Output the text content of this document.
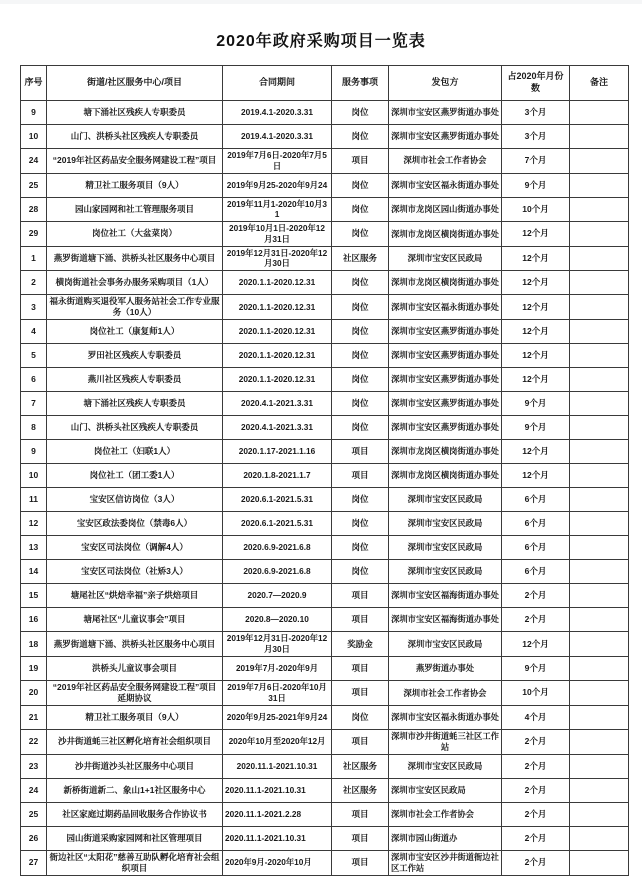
2020年政府采购项目一览表
序号	街道/社区服务中心/项目	合同期间	服务事项	发包方	占2020年月份数	备注
9	塘下涌社区残疾人专职委员	2019.4.1-2020.3.31	岗位	深圳市宝安区燕罗街道办事处	3个月	
10	山门、洪桥头社区残疾人专职委员	2019.4.1-2020.3.31	岗位	深圳市宝安区燕罗街道办事处	3个月	
24	“2019年社区药品安全服务网建设工程”项目	2019年7月6日-2020年7月5日	项目	深圳市社会工作者协会	7个月	
25	精卫社工服务项目（9人）	2019年9月25-2020年9月24	岗位	深圳市宝安区福永街道办事处	9个月	
28	园山家园网和社工管理服务项目	2019年11月1-2020年10月31	岗位	深圳市龙岗区园山街道办事处	10个月	
29	岗位社工（大盆菜岗）	2019年10月1日-2020年12月31日	岗位	深圳市龙岗区横岗街道办事处	12个月	
1	燕罗街道塘下涌、洪桥头社区服务中心项目	2019年12月31日-2020年12月30日	社区服务	深圳市宝安区民政局	12个月	
2	横岗街道社会事务办服务采购项目（1人）	2020.1.1-2020.12.31	岗位	深圳市龙岗区横岗街道办事处	12个月	
3	福永街道购买退役军人服务站社会工作专业服务（10人）	2020.1.1-2020.12.31	岗位	深圳市宝安区福永街道办事处	12个月	
4	岗位社工（康复师1人）	2020.1.1-2020.12.31	岗位	深圳市宝安区燕罗街道办事处	12个月	
5	罗田社区残疾人专职委员	2020.1.1-2020.12.31	岗位	深圳市宝安区燕罗街道办事处	12个月	
6	燕川社区残疾人专职委员	2020.1.1-2020.12.31	岗位	深圳市宝安区燕罗街道办事处	12个月	
7	塘下涌社区残疾人专职委员	2020.4.1-2021.3.31	岗位	深圳市宝安区燕罗街道办事处	9个月	
8	山门、洪桥头社区残疾人专职委员	2020.4.1-2021.3.31	岗位	深圳市宝安区燕罗街道办事处	9个月	
9	岗位社工（妇联1人）	2020.1.17-2021.1.16	项目	深圳市龙岗区横岗街道办事处	12个月	
10	岗位社工（团工委1人）	2020.1.8-2021.1.7	项目	深圳市龙岗区横岗街道办事处	12个月	
11	宝安区信访岗位（3人）	2020.6.1-2021.5.31	岗位	深圳市宝安区民政局	6个月	
12	宝安区政法委岗位（禁毒6人）	2020.6.1-2021.5.31	岗位	深圳市宝安区民政局	6个月	
13	宝安区司法岗位（调解4人）	2020.6.9-2021.6.8	岗位	深圳市宝安区民政局	6个月	
14	宝安区司法岗位（社矫3人）	2020.6.9-2021.6.8	岗位	深圳市宝安区民政局	6个月	
15	塘尾社区“烘焙幸福”亲子烘焙项目	2020.7—2020.9	项目	深圳市宝安区福海街道办事处	2个月	
16	塘尾社区“儿童议事会”项目	2020.8—2020.10	项目	深圳市宝安区福海街道办事处	2个月	
18	燕罗街道塘下涌、洪桥头社区服务中心项目	2019年12月31日-2020年12月30日	奖励金	深圳市宝安区民政局	12个月	
19	洪桥头儿童议事会项目	2019年7月-2020年9月	项目	燕罗街道办事处	9个月	
20	“2019年社区药品安全服务网建设工程”项目延期协议	2019年7月6日-2020年10月31日	项目	深圳市社会工作者协会	10个月	
21	精卫社工服务项目（9人）	2020年9月25-2021年9月24	岗位	深圳市宝安区福永街道办事处	4个月	
22	沙井街道蚝三社区孵化培育社会组织项目	2020年10月至2020年12月	项目	深圳市沙井街道蚝三社区工作站	2个月	
23	沙井街道沙头社区服务中心项目	2020.11.1-2021.10.31	社区服务	深圳市宝安区民政局	2个月	
24	新桥街道新二、象山1+1社区服务中心	2020.11.1-2021.10.31	社区服务	深圳市宝安区民政局	2个月	
25	社区家庭过期药品回收服务合作协议书	2020.11.1-2021.2.28	项目	深圳市社会工作者协会	2个月	
26	园山街道采购家园网和社区管理项目	2020.11.1-2021.10.31	项目	深圳市园山街道办	2个月	
27	衙边社区“太阳花”慈善互助队孵化培育社会组织项目	2020年9月-2020年10月	项目	深圳市宝安区沙井街道衙边社区工作站	2个月	
